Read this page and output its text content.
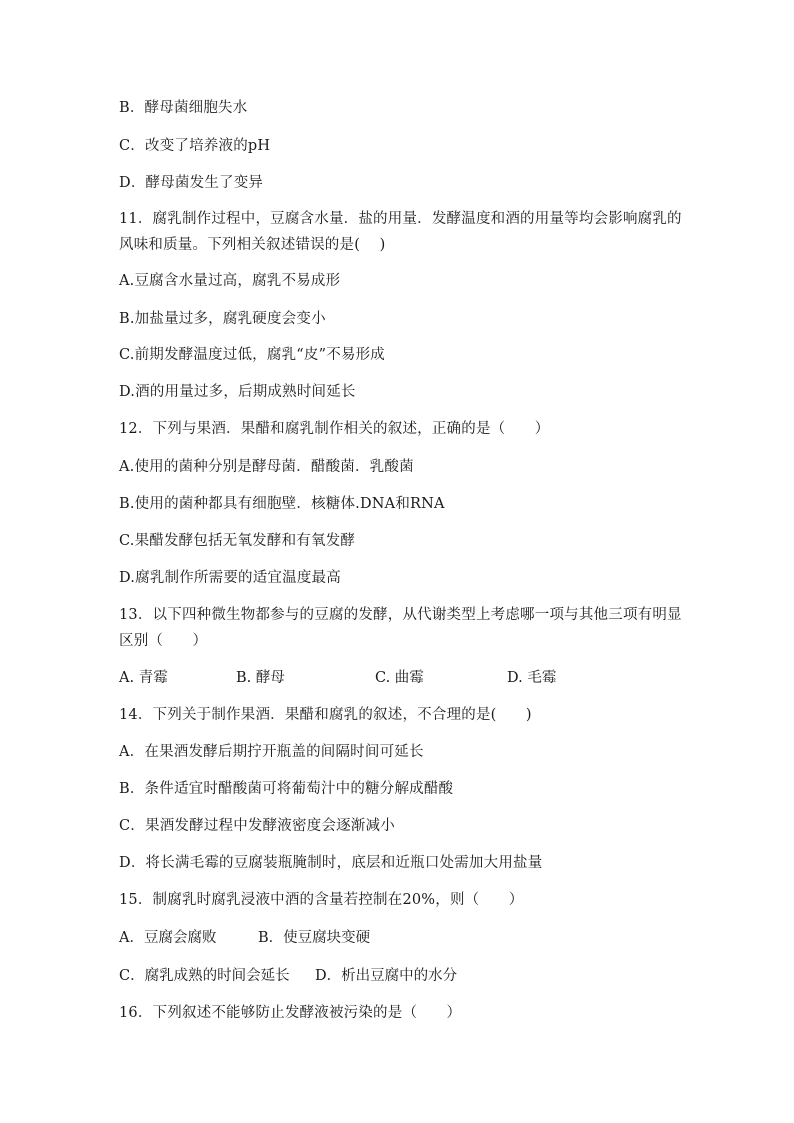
B．酵母菌细胞失水
C．改变了培养液的pH
D．酵母菌发生了变异
11．腐乳制作过程中，豆腐含水量．盐的用量．发酵温度和酒的用量等均会影响腐乳的风味和质量。下列相关叙述错误的是(　 )
A.豆腐含水量过高，腐乳不易成形
B.加盐量过多，腐乳硬度会变小
C.前期发酵温度过低，腐乳“皮”不易形成
D.酒的用量过多，后期成熟时间延长
12．下列与果酒．果醋和腐乳制作相关的叙述，正确的是（　　）
A.使用的菌种分别是酵母菌．醋酸菌．乳酸菌
B.使用的菌种都具有细胞壁．核糖体.DNA和RNA
C.果醋发酵包括无氧发酵和有氧发酵
D.腐乳制作所需要的适宜温度最高
13．以下四种微生物都参与的豆腐的发酵，从代谢类型上考虑哪一项与其他三项有明显区别（　　）
A. 青霉	B. 酵母	C. 曲霉	D. 毛霉
14．下列关于制作果酒．果醋和腐乳的叙述，不合理的是(　　)
A．在果酒发酵后期拧开瓶盖的间隔时间可延长
B．条件适宜时醋酸菌可将葡萄汁中的糖分解成醋酸
C．果酒发酵过程中发酵液密度会逐渐减小
D．将长满毛霉的豆腐装瓶腌制时，底层和近瓶口处需加大用盐量
15．制腐乳时腐乳浸液中酒的含量若控制在20%，则（　　）
A．豆腐会腐败	B．使豆腐块变硬
C．腐乳成熟的时间会延长 D．析出豆腐中的水分
16．下列叙述不能够防止发酵液被污染的是（　　）
